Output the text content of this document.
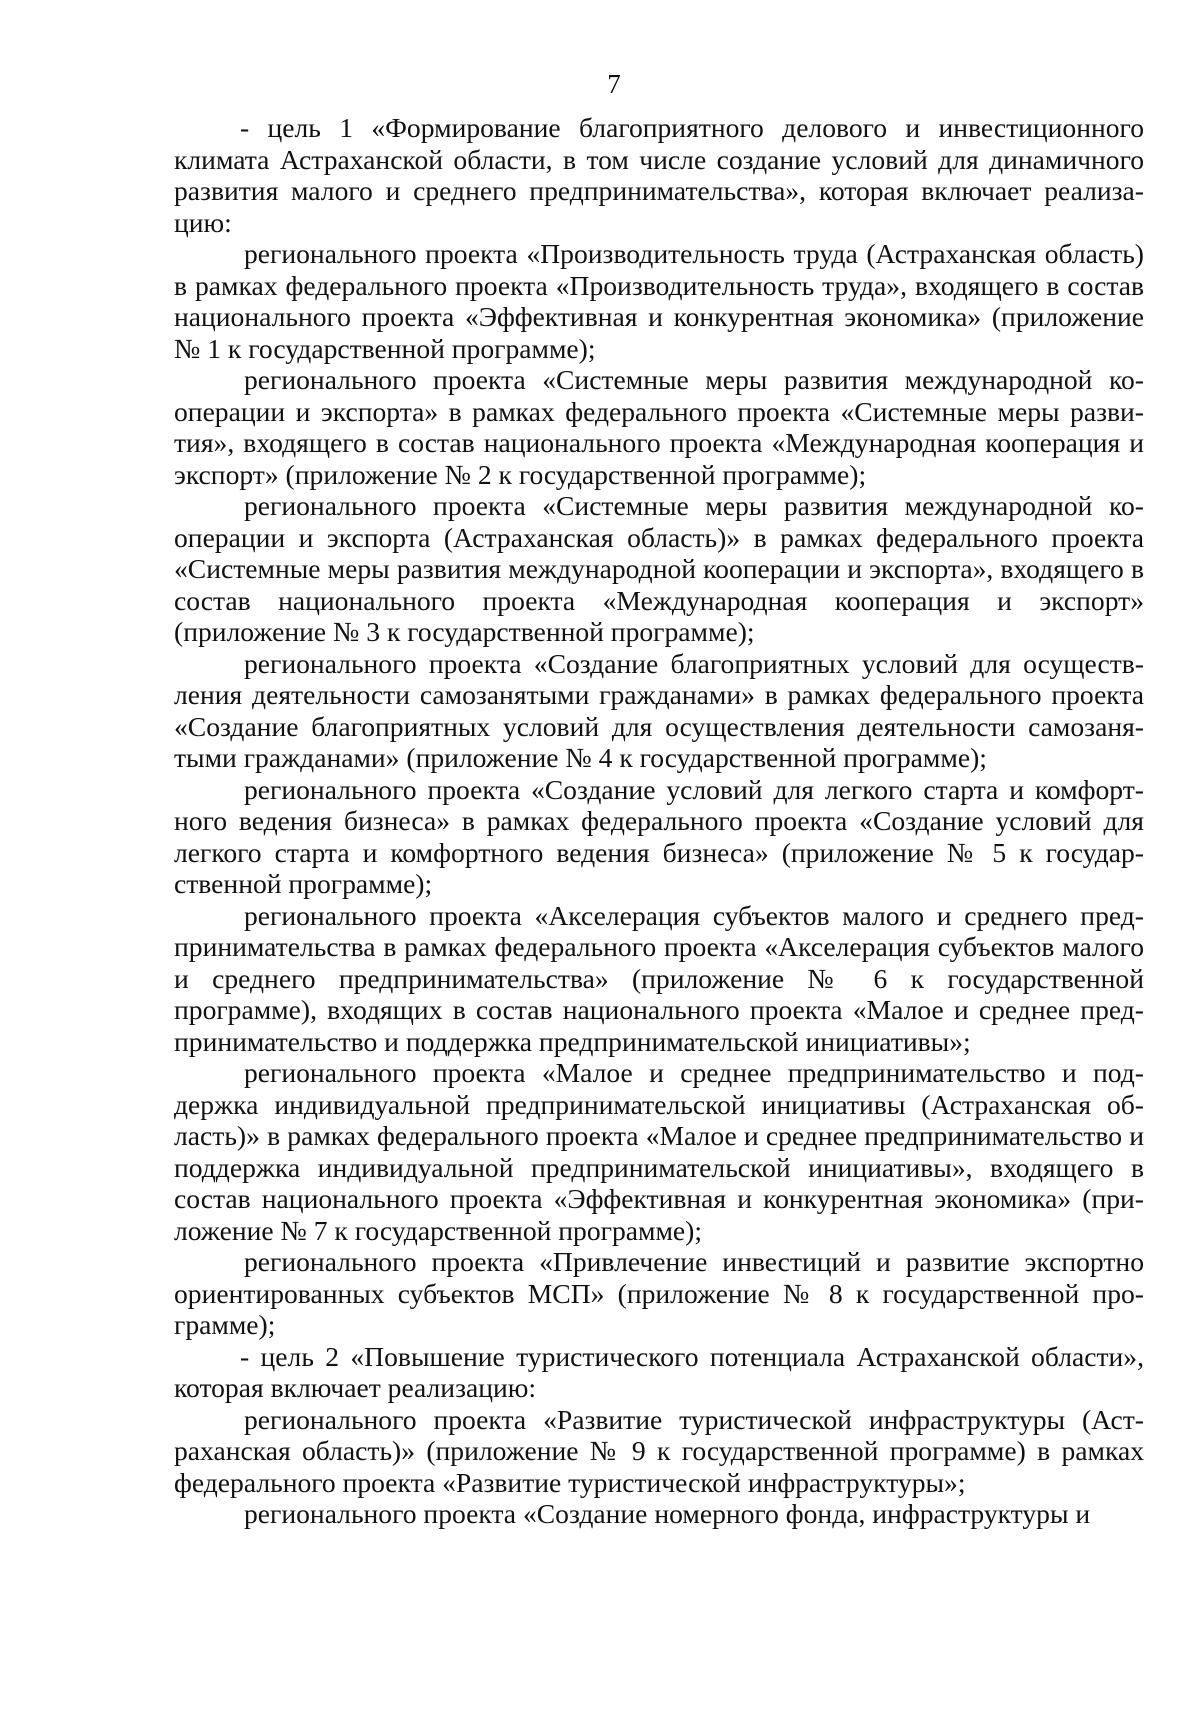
7

- цель 1 «Формирование благоприятного делового и инвестиционного климата Астраханской области, в том числе создание условий для динамичного развития малого и среднего предпринимательства», которая включает реализацию:

регионального проекта «Производительность труда (Астраханская область) в рамках федерального проекта «Производительность труда», входящего в состав национального проекта «Эффективная и конкурентная экономика» (приложение № 1 к государственной программе);

регионального проекта «Системные меры развития международной кооперации и экспорта» в рамках федерального проекта «Системные меры развития», входящего в состав национального проекта «Международная кооперация и экспорт» (приложение № 2 к государственной программе);

регионального проекта «Системные меры развития международной кооперации и экспорта (Астраханская область)» в рамках федерального проекта «Системные меры развития международной кооперации и экспорта», входящего в состав национального проекта «Международная кооперация и экспорт» (приложение № 3 к государственной программе);

регионального проекта «Создание благоприятных условий для осуществления деятельности самозанятыми гражданами» в рамках федерального проекта «Создание благоприятных условий для осуществления деятельности самозанятыми гражданами» (приложение № 4 к государственной программе);

регионального проекта «Создание условий для легкого старта и комфортного ведения бизнеса» в рамках федерального проекта «Создание условий для легкого старта и комфортного ведения бизнеса» (приложение № 5 к государственной программе);

регионального проекта «Акселерация субъектов малого и среднего предпринимательства в рамках федерального проекта «Акселерация субъектов малого и среднего предпринимательства» (приложение № 6 к государственной программе), входящих в состав национального проекта «Малое и среднее предпринимательство и поддержка предпринимательской инициативы»;

регионального проекта «Малое и среднее предпринимательство и поддержка индивидуальной предпринимательской инициативы (Астраханская область)» в рамках федерального проекта «Малое и среднее предпринимательство и поддержка индивидуальной предпринимательской инициативы», входящего в состав национального проекта «Эффективная и конкурентная экономика» (приложение № 7 к государственной программе);

регионального проекта «Привлечение инвестиций и развитие экспортно ориентированных субъектов МСП» (приложение № 8 к государственной программе);

- цель 2 «Повышение туристического потенциала Астраханской области», которая включает реализацию:

регионального проекта «Развитие туристической инфраструктуры (Астраханская область)» (приложение № 9 к государственной программе) в рамках федерального проекта «Развитие туристической инфраструктуры»;

регионального проекта «Создание номерного фонда, инфраструктуры и
